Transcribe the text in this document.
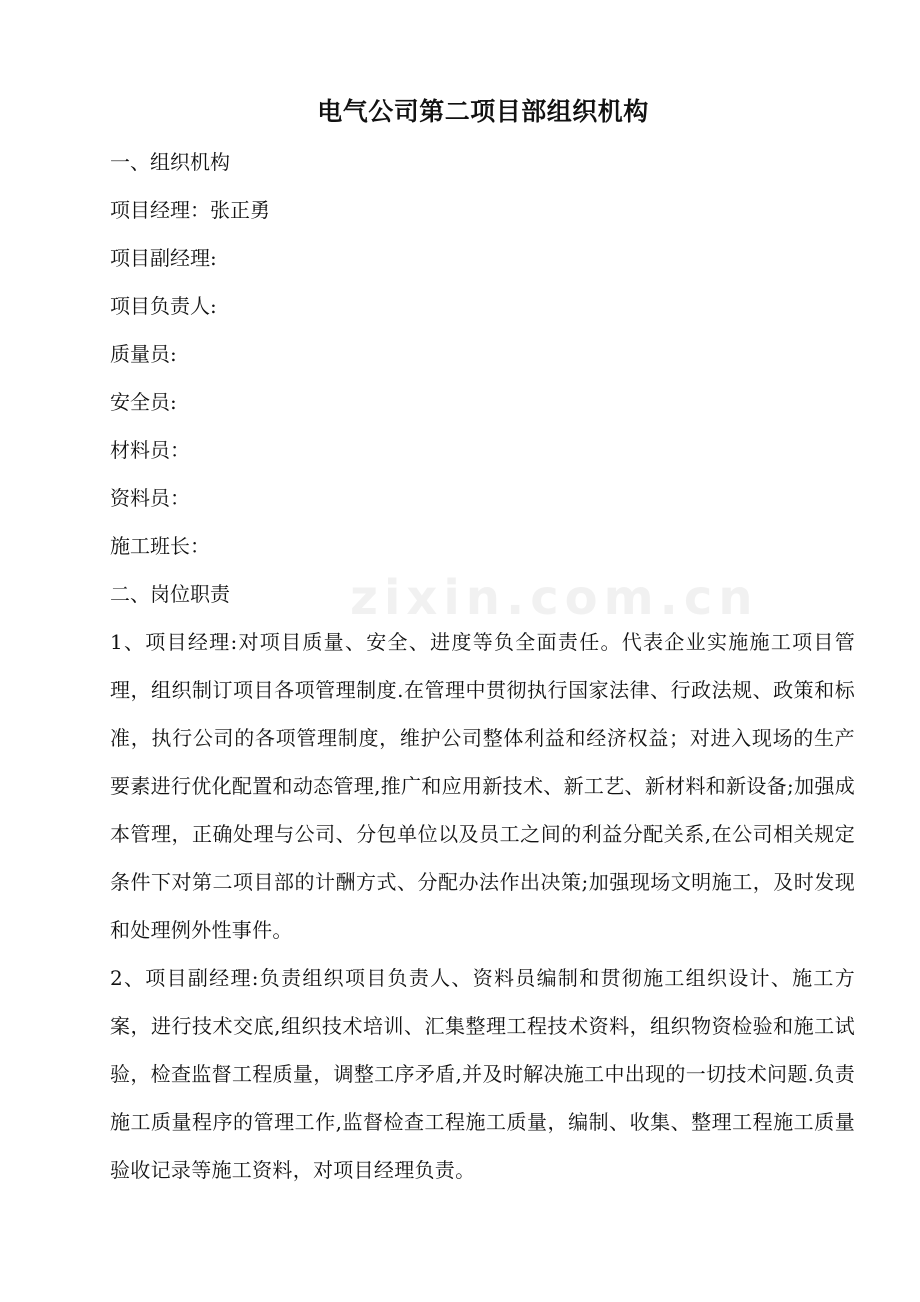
zixin.com.cn
电气公司第二项目部组织机构
一、组织机构
项目经理：张正勇
项目副经理:
项目负责人:
质量员:
安全员:
材料员：
资料员：
施工班长：
二、岗位职责
1、项目经理:对项目质量、安全、进度等负全面责任。代表企业实施施工项目管理，组织制订项目各项管理制度.在管理中贯彻执行国家法律、行政法规、政策和标准，执行公司的各项管理制度，维护公司整体利益和经济权益；对进入现场的生产要素进行优化配置和动态管理,推广和应用新技术、新工艺、新材料和新设备;加强成本管理，正确处理与公司、分包单位以及员工之间的利益分配关系,在公司相关规定条件下对第二项目部的计酬方式、分配办法作出决策;加强现场文明施工，及时发现和处理例外性事件。
2、项目副经理:负责组织项目负责人、资料员编制和贯彻施工组织设计、施工方案，进行技术交底,组织技术培训、汇集整理工程技术资料，组织物资检验和施工试验，检查监督工程质量，调整工序矛盾,并及时解决施工中出现的一切技术问题.负责施工质量程序的管理工作,监督检查工程施工质量，编制、收集、整理工程施工质量验收记录等施工资料，对项目经理负责。
